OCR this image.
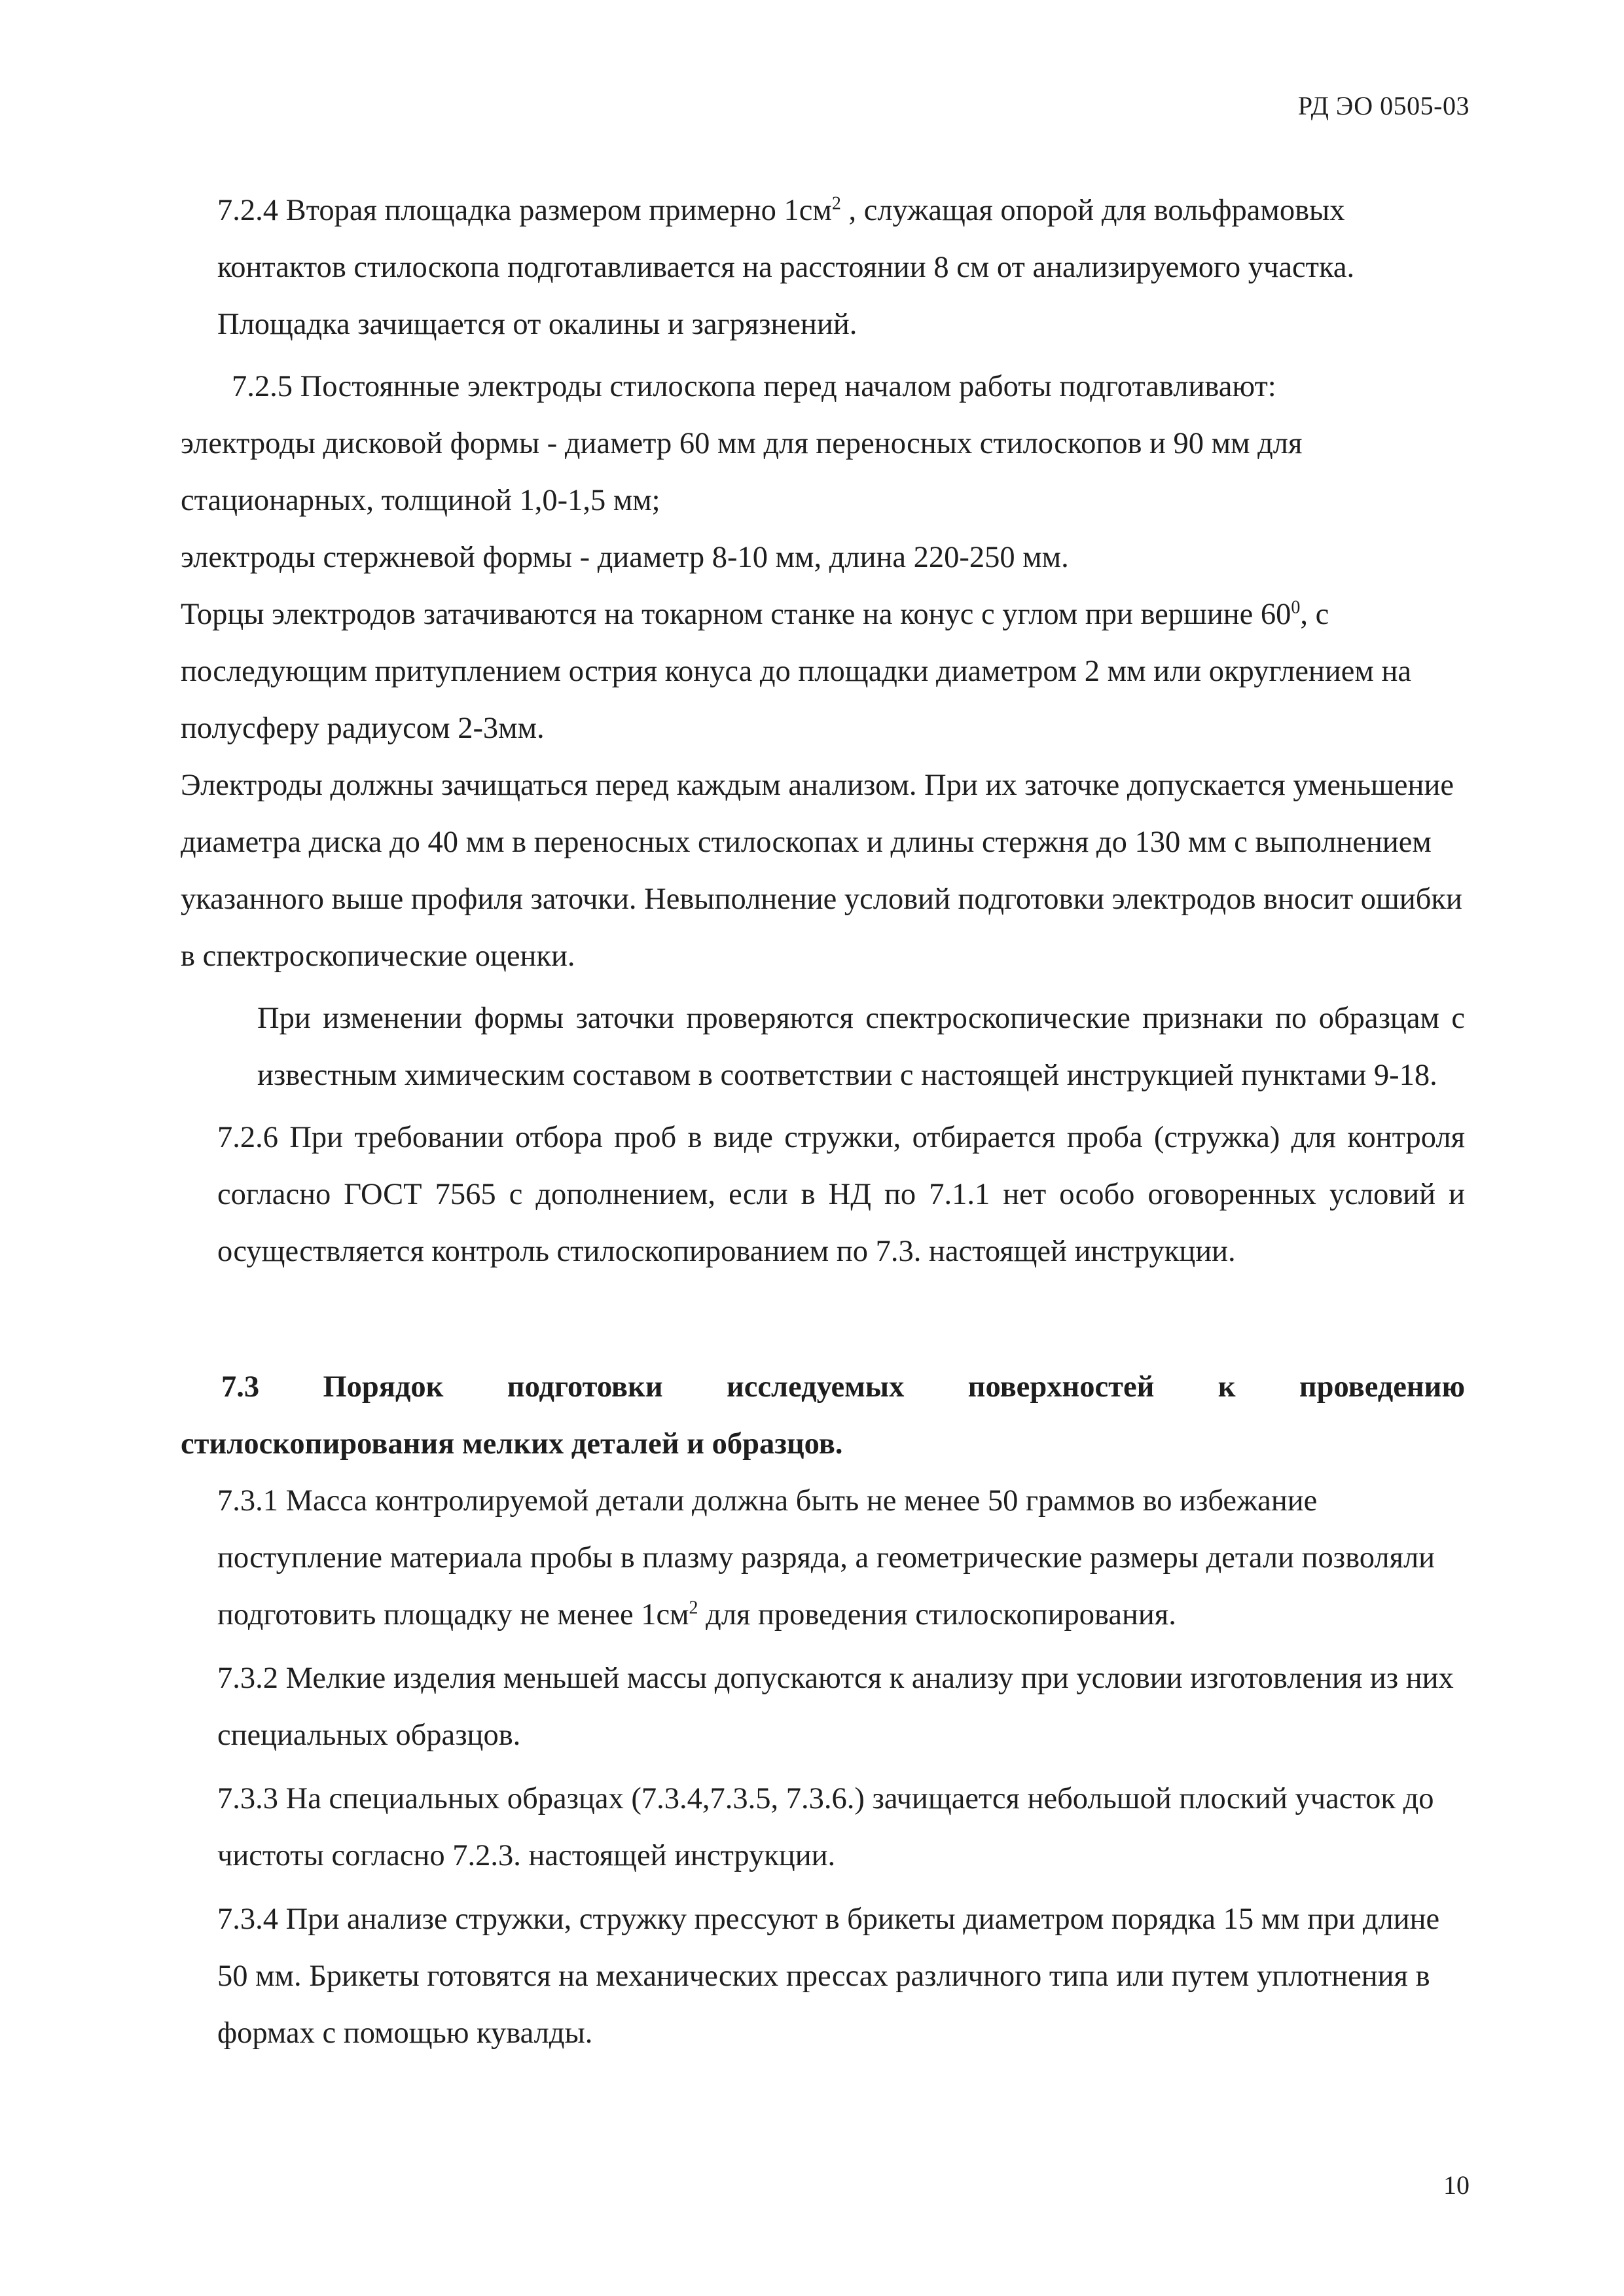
РД ЭО 0505-03

7.2.4 Вторая площадка размером примерно $1см^2$ , служащая опорой для вольфрамовых контактов стилоскопа подготавливается на расстоянии 8 см от анализируемого участка. Площадка зачищается от окалины и загрязнений.

7.2.5 Постоянные электроды стилоскопа перед началом работы подготавливают:

электроды дисковой формы - диаметр 60 мм для переносных стилоскопов и 90 мм для стационарных, толщиной 1,0-1,5 мм;

электроды стержневой формы - диаметр 8-10 мм, длина 220-250 мм.

Торцы электродов затачиваются на токарном станке на конус с углом при вершине $60^0$, с последующим притуплением острия конуса до площадки диаметром 2 мм или округлением на полусферу радиусом 2-3мм.

Электроды должны зачищаться перед каждым анализом. При их заточке допускается уменьшение диаметра диска до 40 мм в переносных стилоскопах и длины стержня до 130 мм с выполнением указанного выше профиля заточки. Невыполнение условий подготовки электродов вносит ошибки в спектроскопические оценки.

При изменении формы заточки проверяются спектроскопические признаки по образцам с известным химическим составом в соответствии с настоящей инструкцией пунктами 9-18.

7.2.6 При требовании отбора проб в виде стружки, отбирается проба (стружка) для контроля согласно ГОСТ 7565 с дополнением, если в НД по 7.1.1 нет особо оговоренных условий и осуществляется контроль стилоскопированием по 7.3. настоящей инструкции.

7.3 Порядок подготовки исследуемых поверхностей к проведению

стилоскопирования мелких деталей и образцов.

7.3.1 Масса контролируемой детали должна быть не менее 50 граммов во избежание поступление материала пробы в плазму разряда, а геометрические размеры детали позволяли подготовить площадку не менее $1см^2$ для проведения стилоскопирования.

7.3.2 Мелкие изделия меньшей массы допускаются к анализу при условии изготовления из них специальных образцов.

7.3.3 На специальных образцах (7.3.4,7.3.5, 7.3.6.) зачищается небольшой плоский участок до чистоты согласно 7.2.3. настоящей инструкции.

7.3.4 При анализе стружки, стружку прессуют в брикеты диаметром порядка 15 мм при длине 50 мм. Брикеты готовятся на механических прессах различного типа или путем уплотнения в формах с помощью кувалды.

10
